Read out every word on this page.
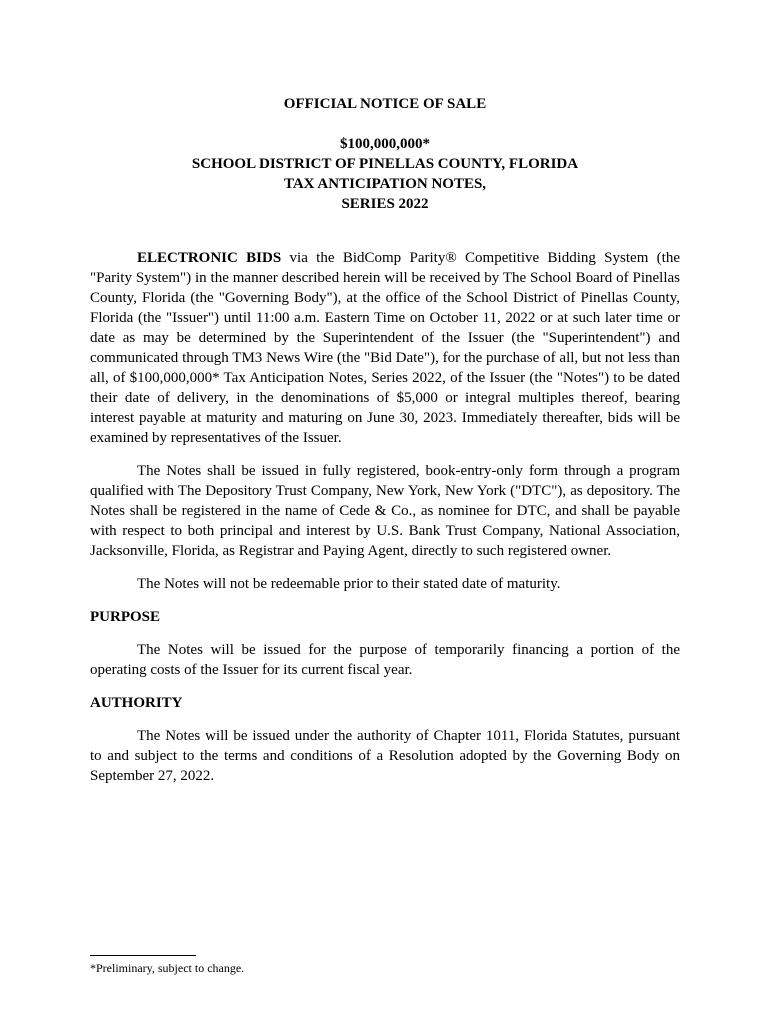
OFFICIAL NOTICE OF SALE
$100,000,000*
SCHOOL DISTRICT OF PINELLAS COUNTY, FLORIDA
TAX ANTICIPATION NOTES,
SERIES 2022

ELECTRONIC BIDS via the BidComp Parity® Competitive Bidding System (the "Parity System") in the manner described herein will be received by The School Board of Pinellas County, Florida (the "Governing Body"), at the office of the School District of Pinellas County, Florida (the "Issuer") until 11:00 a.m. Eastern Time on October 11, 2022 or at such later time or date as may be determined by the Superintendent of the Issuer (the "Superintendent") and communicated through TM3 News Wire (the "Bid Date"), for the purchase of all, but not less than all, of $100,000,000* Tax Anticipation Notes, Series 2022, of the Issuer (the "Notes") to be dated their date of delivery, in the denominations of $5,000 or integral multiples thereof, bearing interest payable at maturity and maturing on June 30, 2023. Immediately thereafter, bids will be examined by representatives of the Issuer.

The Notes shall be issued in fully registered, book-entry-only form through a program qualified with The Depository Trust Company, New York, New York ("DTC"), as depository. The Notes shall be registered in the name of Cede & Co., as nominee for DTC, and shall be payable with respect to both principal and interest by U.S. Bank Trust Company, National Association, Jacksonville, Florida, as Registrar and Paying Agent, directly to such registered owner.

The Notes will not be redeemable prior to their stated date of maturity.

PURPOSE

The Notes will be issued for the purpose of temporarily financing a portion of the operating costs of the Issuer for its current fiscal year.

AUTHORITY

The Notes will be issued under the authority of Chapter 1011, Florida Statutes, pursuant to and subject to the terms and conditions of a Resolution adopted by the Governing Body on September 27, 2022.

*Preliminary, subject to change.
